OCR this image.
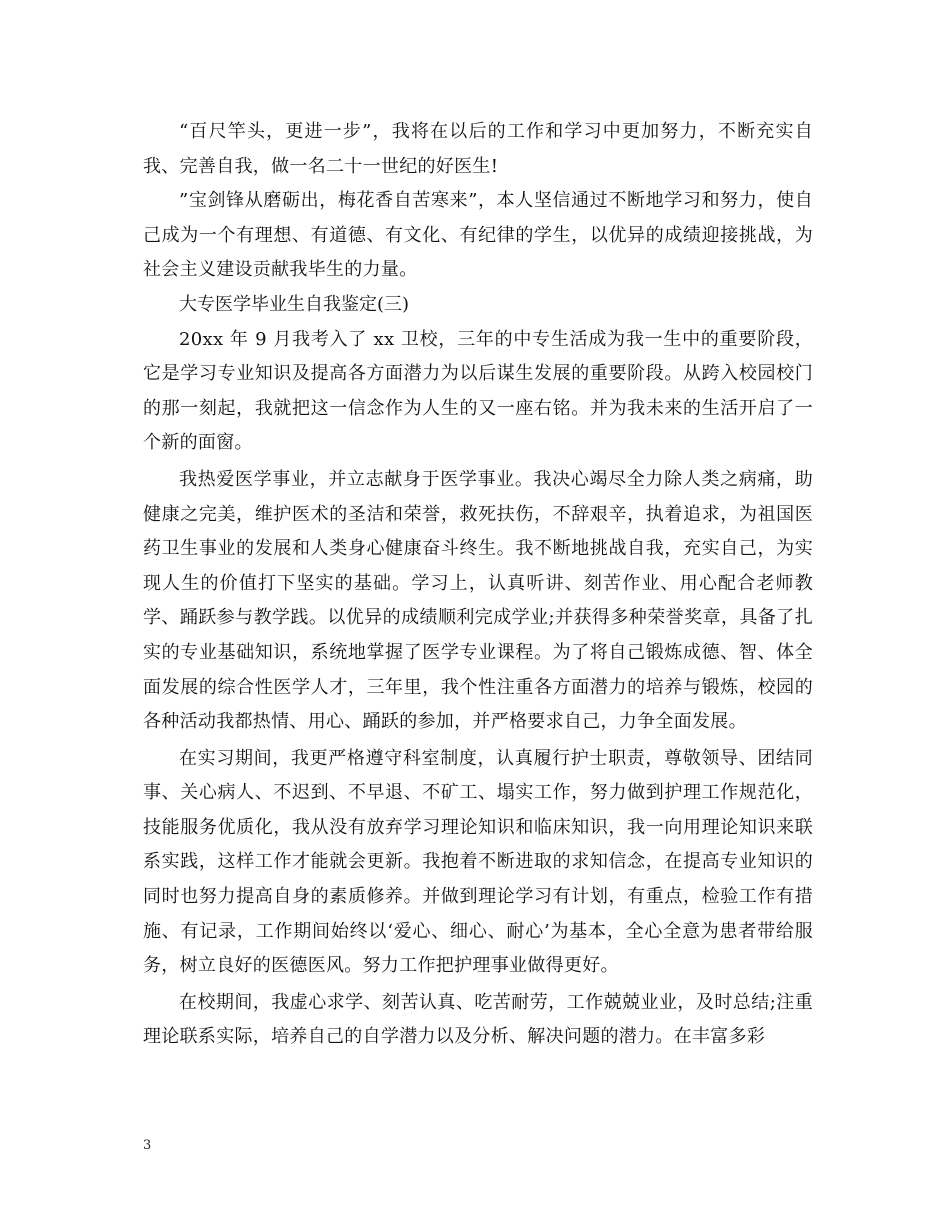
“百尺竿头，更进一步”，我将在以后的工作和学习中更加努力，不断充实自我、完善自我，做一名二十一世纪的好医生!

”宝剑锋从磨砺出，梅花香自苦寒来”，本人坚信通过不断地学习和努力，使自己成为一个有理想、有道德、有文化、有纪律的学生，以优异的成绩迎接挑战，为社会主义建设贡献我毕生的力量。

大专医学毕业生自我鉴定(三)

20xx 年 9 月我考入了 xx 卫校，三年的中专生活成为我一生中的重要阶段，它是学习专业知识及提高各方面潜力为以后谋生发展的重要阶段。从跨入校园校门的那一刻起，我就把这一信念作为人生的又一座右铭。并为我未来的生活开启了一个新的面窗。

我热爱医学事业，并立志献身于医学事业。我决心竭尽全力除人类之病痛，助健康之完美，维护医术的圣洁和荣誉，救死扶伤，不辞艰辛，执着追求，为祖国医药卫生事业的发展和人类身心健康奋斗终生。我不断地挑战自我，充实自己，为实现人生的价值打下坚实的基础。学习上，认真听讲、刻苦作业、用心配合老师教学、踊跃参与教学践。以优异的成绩顺利完成学业;并获得多种荣誉奖章，具备了扎实的专业基础知识，系统地掌握了医学专业课程。为了将自己锻炼成德、智、体全面发展的综合性医学人才，三年里，我个性注重各方面潜力的培养与锻炼，校园的各种活动我都热情、用心、踊跃的参加，并严格要求自己，力争全面发展。

在实习期间，我更严格遵守科室制度，认真履行护士职责，尊敬领导、团结同事、关心病人、不迟到、不早退、不矿工、塌实工作，努力做到护理工作规范化，技能服务优质化，我从没有放弃学习理论知识和临床知识，我一向用理论知识来联系实践，这样工作才能就会更新。我抱着不断进取的求知信念，在提高专业知识的同时也努力提高自身的素质修养。并做到理论学习有计划，有重点，检验工作有措施、有记录，工作期间始终以‘爱心、细心、耐心’为基本，全心全意为患者带给服务，树立良好的医德医风。努力工作把护理事业做得更好。

在校期间，我虚心求学、刻苦认真、吃苦耐劳，工作兢兢业业，及时总结;注重理论联系实际，培养自己的自学潜力以及分析、解决问题的潜力。在丰富多彩

3
